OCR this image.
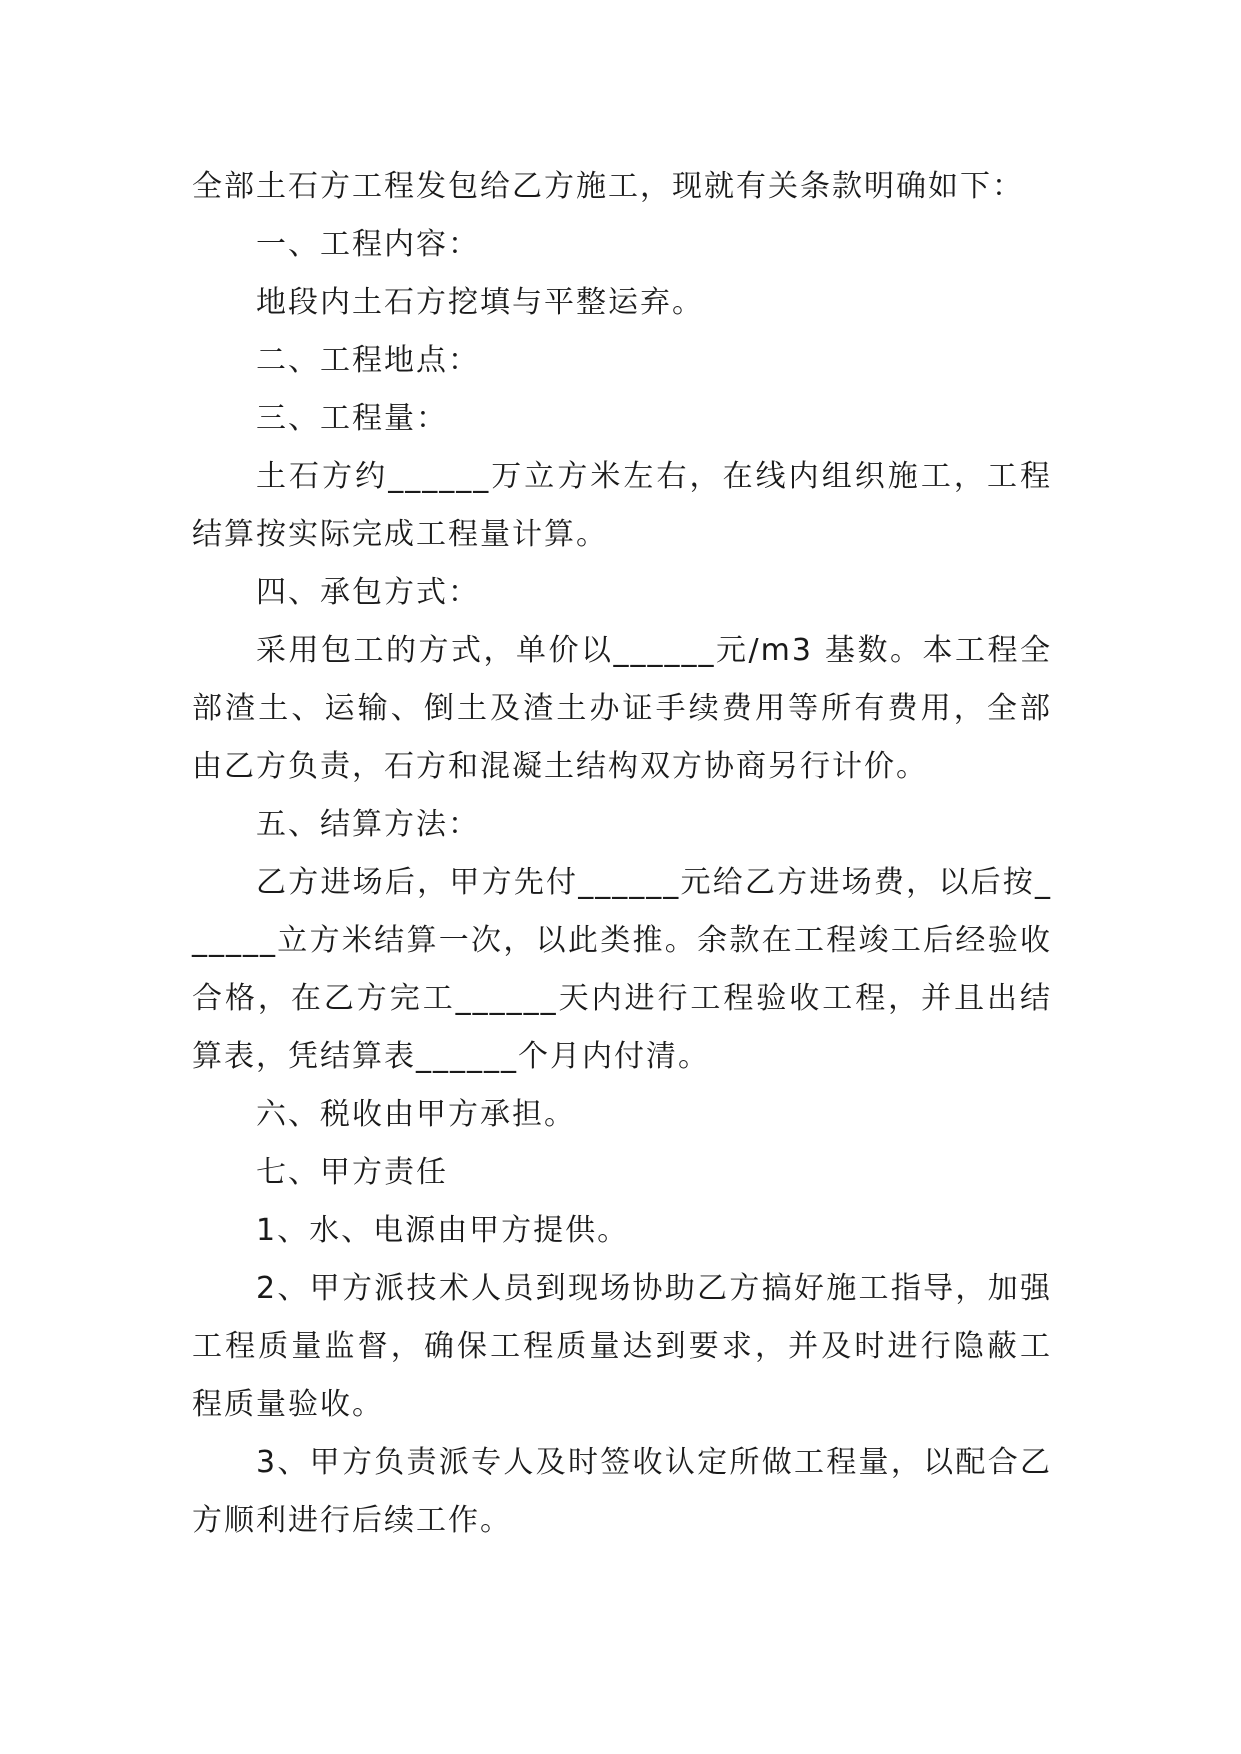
全部土石方工程发包给乙方施工，现就有关条款明确如下：

一、工程内容：

地段内土石方挖填与平整运弃。

二、工程地点：

三、工程量：

土石方约______万立方米左右，在线内组织施工，工程结算按实际完成工程量计算。

四、承包方式：

采用包工的方式，单价以______元/m3 基数。本工程全部渣土、运输、倒土及渣土办证手续费用等所有费用，全部由乙方负责，石方和混凝土结构双方协商另行计价。

五、结算方法：

乙方进场后，甲方先付______元给乙方进场费，以后按______立方米结算一次，以此类推。余款在工程竣工后经验收合格，在乙方完工______天内进行工程验收工程，并且出结算表，凭结算表______个月内付清。

六、税收由甲方承担。

七、甲方责任

1、水、电源由甲方提供。

2、甲方派技术人员到现场协助乙方搞好施工指导，加强工程质量监督，确保工程质量达到要求，并及时进行隐蔽工程质量验收。

3、甲方负责派专人及时签收认定所做工程量，以配合乙方顺利进行后续工作。
